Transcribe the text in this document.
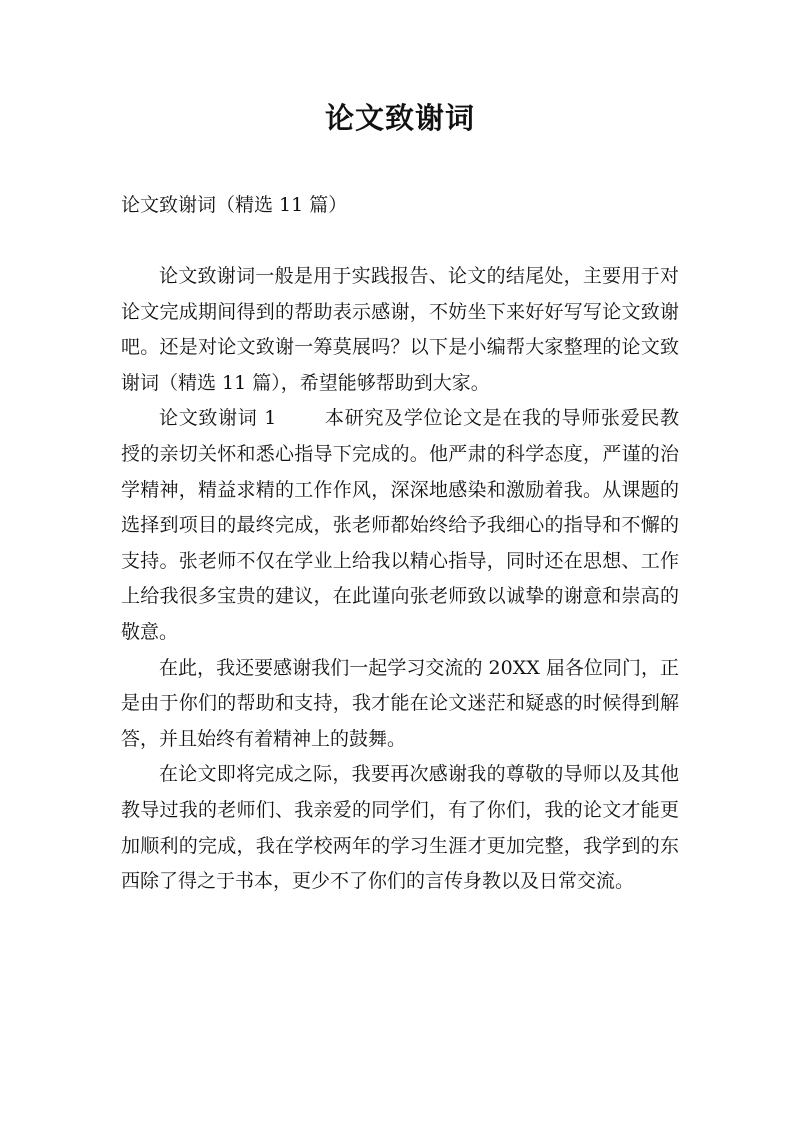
论文致谢词

论文致谢词（精选 11 篇）

论文致谢词一般是用于实践报告、论文的结尾处，主要用于对论文完成期间得到的帮助表示感谢，不妨坐下来好好写写论文致谢吧。还是对论文致谢一筹莫展吗？以下是小编帮大家整理的论文致谢词（精选 11 篇），希望能够帮助到大家。

论文致谢词 1	本研究及学位论文是在我的导师张爱民教授的亲切关怀和悉心指导下完成的。他严肃的科学态度，严谨的治学精神，精益求精的工作作风，深深地感染和激励着我。从课题的选择到项目的最终完成，张老师都始终给予我细心的指导和不懈的支持。张老师不仅在学业上给我以精心指导，同时还在思想、工作上给我很多宝贵的建议，在此谨向张老师致以诚挚的谢意和崇高的敬意。

在此，我还要感谢我们一起学习交流的 20XX 届各位同门，正是由于你们的帮助和支持，我才能在论文迷茫和疑惑的时候得到解答，并且始终有着精神上的鼓舞。

在论文即将完成之际，我要再次感谢我的尊敬的导师以及其他教导过我的老师们、我亲爱的同学们，有了你们，我的论文才能更加顺利的完成，我在学校两年的学习生涯才更加完整，我学到的东西除了得之于书本，更少不了你们的言传身教以及日常交流。
